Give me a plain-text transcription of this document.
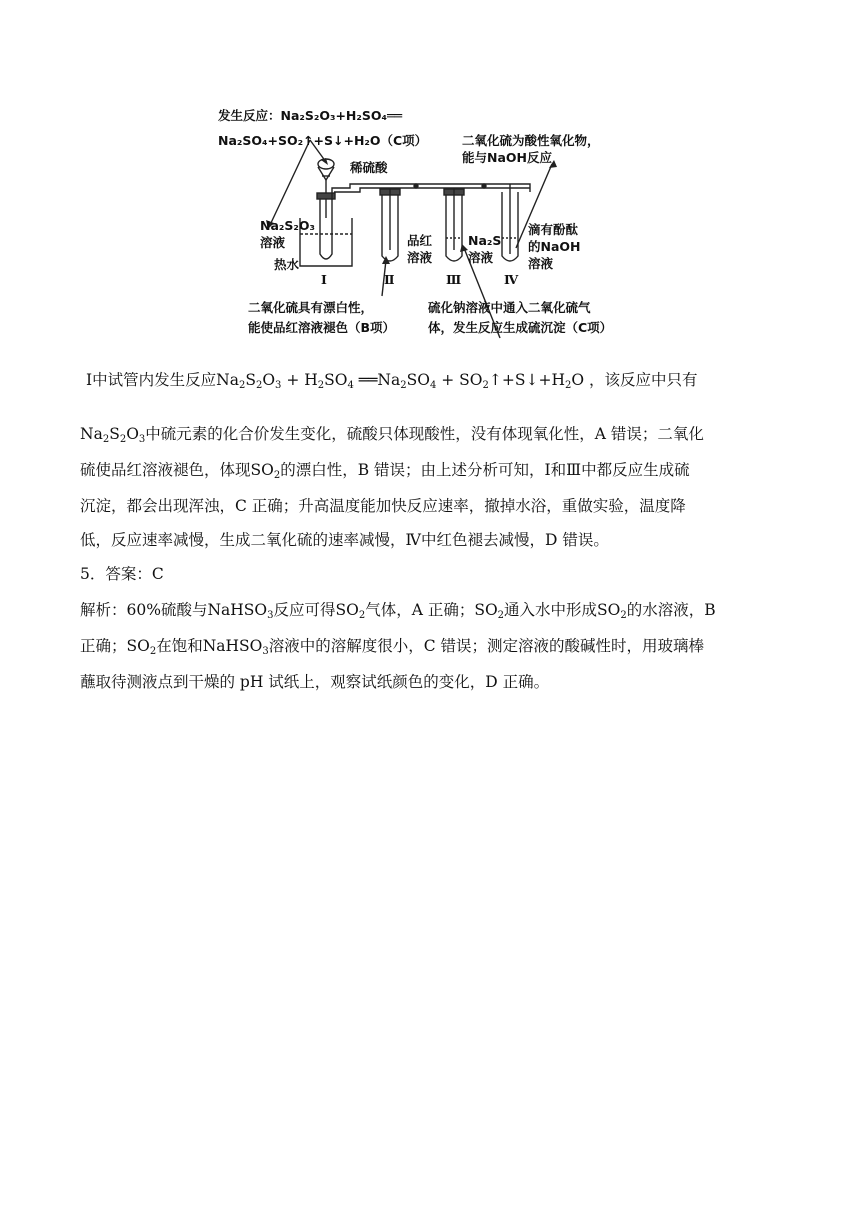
发生反应：Na₂S₂O₃+H₂SO₄══
Na₂SO₄+SO₂↑+S↓+H₂O（C项）
稀硫酸
Na₂S₂O₃
溶液
热水
品红
溶液
Na₂S
溶液
滴有酚酞
的NaOH
溶液
Ⅰ	Ⅱ	Ⅲ	Ⅳ
二氧化硫为酸性氧化物，
能与NaOH反应
二氧化硫具有漂白性，
能使品红溶液褪色（B项）
硫化钠溶液中通入二氧化硫气
体，发生反应生成硫沉淀（C项）
Ⅰ中试管内发生反应$Na_2S_2O_3 + H_2SO_4$ $══Na_2SO_4$ + $SO_2↑+S↓+H_2O$ ，该反应中只有
$Na_2S_2O_3$中硫元素的化合价发生变化，硫酸只体现酸性，没有体现氧化性，A 错误；二氧化
硫使品红溶液褪色，体现$SO_2$的漂白性，B 错误；由上述分析可知，Ⅰ和Ⅲ中都反应生成硫
沉淀，都会出现浑浊，C 正确；升高温度能加快反应速率，撤掉水浴，重做实验，温度降
低，反应速率减慢，生成二氧化硫的速率减慢，Ⅳ中红色褪去减慢，D 错误。
5．答案：C
解析：60%硫酸与NaHSO$_3$反应可得$SO_2$气体，A 正确；$SO_2$通入水中形成$SO_2$的水溶液，B
正确；$SO_2$在饱和NaHSO$_3$溶液中的溶解度很小，C 错误；测定溶液的酸碱性时，用玻璃棒
蘸取待测液点到干燥的 pH 试纸上，观察试纸颜色的变化，D 正确。
